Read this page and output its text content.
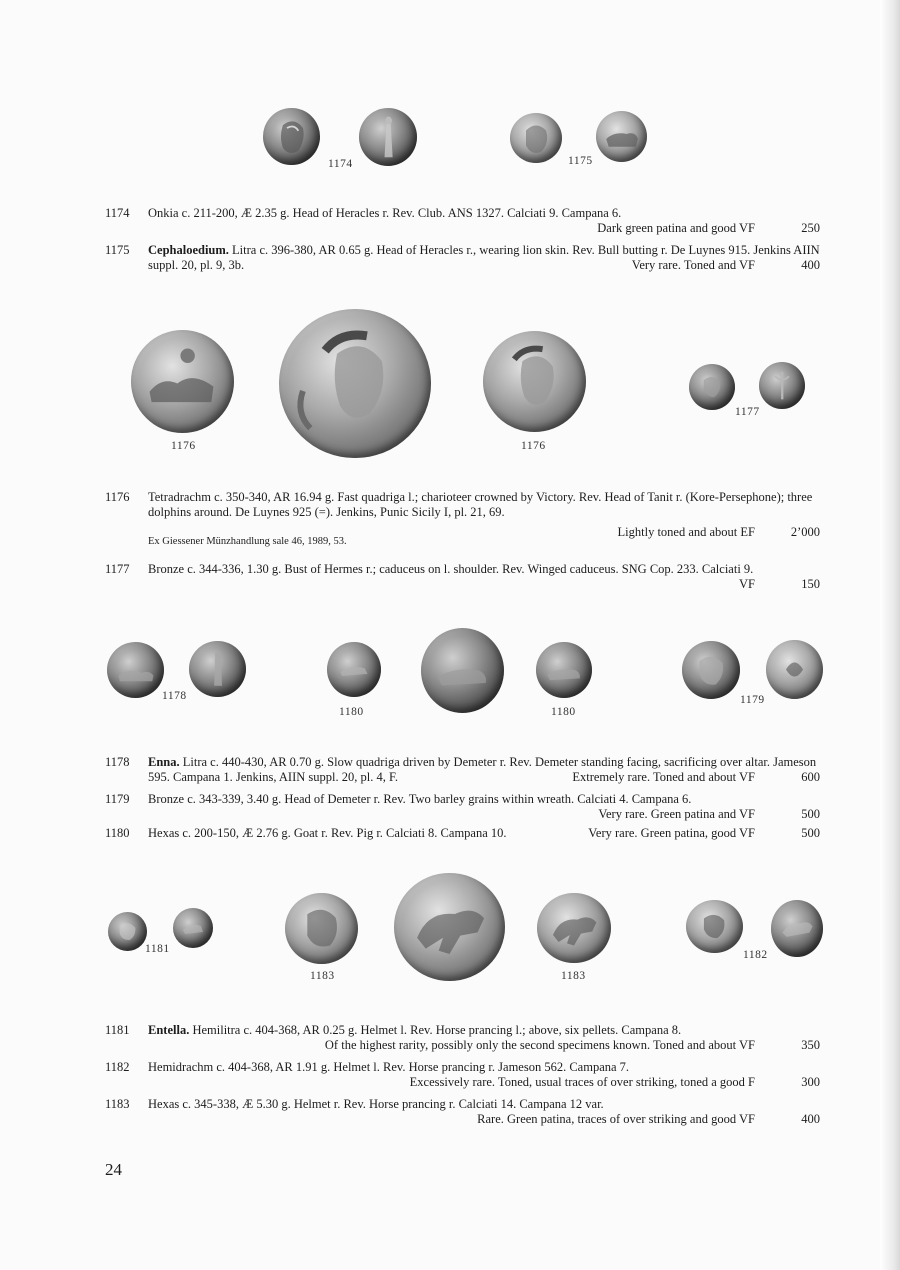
1174	1175
1174 Onkia c. 211-200, Æ 2.35 g. Head of Heracles r. Rev. Club. ANS 1327. Calciati 9. Campana 6.
Dark green patina and good VF	250
1175 Cephaloedium. Litra c. 396-380, AR 0.65 g. Head of Heracles r., wearing lion skin. Rev. Bull butting r. De Luynes 915. Jenkins AIIN suppl. 20, pl. 9, 3b.	Very rare. Toned and VF	400
1176	1176
1177
1176 Tetradrachm c. 350-340, AR 16.94 g. Fast quadriga l.; charioteer crowned by Victory. Rev. Head of Tanit r. (Kore-Persephone); three dolphins around. De Luynes 925 (=). Jenkins, Punic Sicily I, pl. 21, 69.
Ex Giessener Münzhandlung sale 46, 1989, 53.
Lightly toned and about EF	2’000
1177 Bronze c. 344-336, 1.30 g. Bust of Hermes r.; caduceus on l. shoulder. Rev. Winged caduceus. SNG Cop. 233. Calciati 9.
VF	150
1178
1180	1180
1179
1178 Enna. Litra c. 440-430, AR 0.70 g. Slow quadriga driven by Demeter r. Rev. Demeter standing facing, sacrificing over altar. Jameson 595. Campana 1. Jenkins, AIIN suppl. 20, pl. 4, F.	Extremely rare. Toned and about VF	600
1179 Bronze c. 343-339, 3.40 g. Head of Demeter r. Rev. Two barley grains within wreath. Calciati 4. Campana 6.
Very rare. Green patina and VF	500
1180 Hexas c. 200-150, Æ 2.76 g. Goat r. Rev. Pig r. Calciati 8. Campana 10.	Very rare. Green patina, good VF	500
1181
1183	1183
1182
1181 Entella. Hemilitra c. 404-368, AR 0.25 g. Helmet l. Rev. Horse prancing l.; above, six pellets. Campana 8.
Of the highest rarity, possibly only the second specimens known. Toned and about VF	350
1182 Hemidrachm c. 404-368, AR 1.91 g. Helmet l. Rev. Horse prancing r. Jameson 562. Campana 7.
Excessively rare. Toned, usual traces of over striking, toned a good F	300
1183 Hexas c. 345-338, Æ 5.30 g. Helmet r. Rev. Horse prancing r. Calciati 14. Campana 12 var.
Rare. Green patina, traces of over striking and good VF	400
24
